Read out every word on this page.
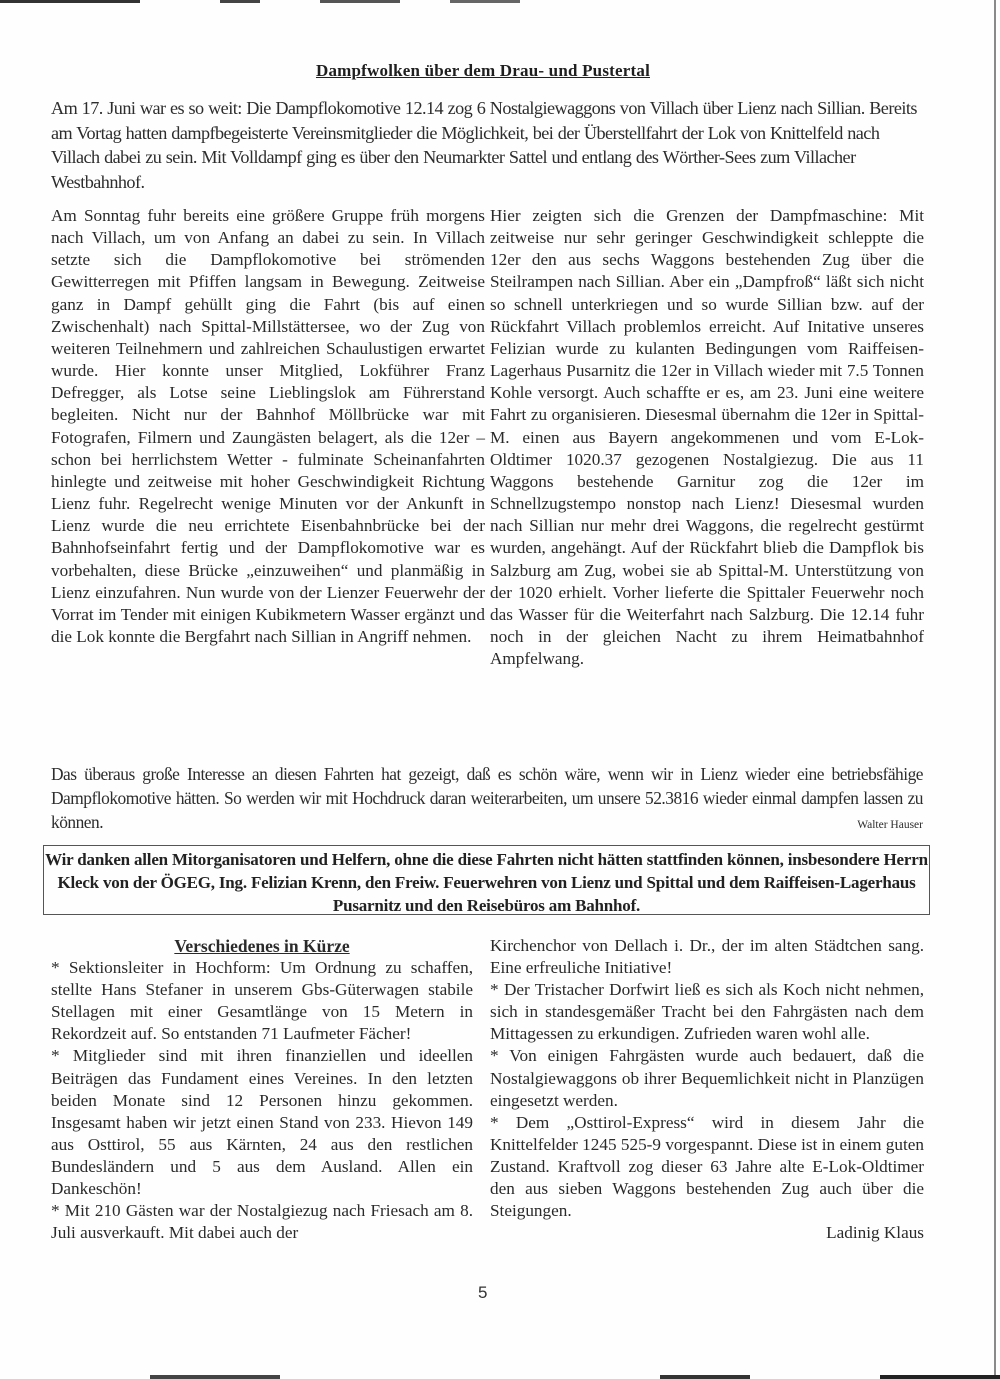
Dampfwolken über dem Drau- und Pustertal
Am 17. Juni war es so weit: Die Dampflokomotive 12.14 zog 6 Nostalgiewaggons von Villach über Lienz nach Sillian. Bereits am Vortag hatten dampfbegeisterte Vereinsmitglieder die Möglichkeit, bei der Überstellfahrt der Lok von Knittelfeld nach Villach dabei zu sein. Mit Volldampf ging es über den Neumarkter Sattel und entlang des Wörther-Sees zum Villacher Westbahnhof.

Am Sonntag fuhr bereits eine größere Gruppe früh morgens nach Villach, um von Anfang an dabei zu sein. In Villach setzte sich die Dampflokomotive bei strömenden Gewitterregen mit Pfiffen langsam in Bewegung. Zeitweise ganz in Dampf gehüllt ging die Fahrt (bis auf einen Zwischenhalt) nach Spittal-Millstättersee, wo der Zug von weiteren Teilnehmern und zahlreichen Schaulustigen erwartet wurde. Hier konnte unser Mitglied, Lokführer Franz Defregger, als Lotse seine Lieblingslok am Führerstand begleiten. Nicht nur der Bahnhof Möllbrücke war mit Fotografen, Filmern und Zaungästen belagert, als die 12er – schon bei herrlichstem Wetter - fulminate Scheinanfahrten hinlegte und zeitweise mit hoher Geschwindigkeit Richtung Lienz fuhr. Regelrecht wenige Minuten vor der Ankunft in Lienz wurde die neu errichtete Eisenbahnbrücke bei der Bahnhofseinfahrt fertig und der Dampflokomotive war es vorbehalten, diese Brücke „einzuweihen“ und planmäßig in Lienz einzufahren. Nun wurde von der Lienzer Feuerwehr der Vorrat im Tender mit einigen Kubikmetern Wasser ergänzt und die Lok konnte die Bergfahrt nach Sillian in Angriff nehmen.

Hier zeigten sich die Grenzen der Dampfmaschine: Mit zeitweise nur sehr geringer Geschwindigkeit schleppte die 12er den aus sechs Waggons bestehenden Zug über die Steilrampen nach Sillian. Aber ein „Dampfroß“ läßt sich nicht so schnell unterkriegen und so wurde Sillian bzw. auf der Rückfahrt Villach problemlos erreicht. Auf Initative unseres Felizian wurde zu kulanten Bedingungen vom Raiffeisen-Lagerhaus Pusarnitz die 12er in Villach wieder mit 7.5 Tonnen Kohle versorgt. Auch schaffte er es, am 23. Juni eine weitere Fahrt zu organisieren. Diesesmal übernahm die 12er in Spittal-M. einen aus Bayern angekommenen und vom E-Lok-Oldtimer 1020.37 gezogenen Nostalgiezug. Die aus 11 Waggons bestehende Garnitur zog die 12er im Schnellzugstempo nonstop nach Lienz! Diesesmal wurden nach Sillian nur mehr drei Waggons, die regelrecht gestürmt wurden, angehängt. Auf der Rückfahrt blieb die Dampflok bis Salzburg am Zug, wobei sie ab Spittal-M. Unterstützung von der 1020 erhielt. Vorher lieferte die Spittaler Feuerwehr noch das Wasser für die Weiterfahrt nach Salzburg. Die 12.14 fuhr noch in der gleichen Nacht zu ihrem Heimatbahnhof Ampfelwang.

Das überaus große Interesse an diesen Fahrten hat gezeigt, daß es schön wäre, wenn wir in Lienz wieder eine betriebsfähige Dampflokomotive hätten. So werden wir mit Hochdruck daran weiterarbeiten, um unsere 52.3816 wieder einmal dampfen lassen zu können.	Walter Hauser
Wir danken allen Mitorganisatoren und Helfern, ohne die diese Fahrten nicht hätten stattfinden können, insbesondere Herrn Kleck von der ÖGEG, Ing. Felizian Krenn, den Freiw. Feuerwehren von Lienz und Spittal und dem Raiffeisen-Lagerhaus Pusarnitz und den Reisebüros am Bahnhof.
Verschiedenes in Kürze

* Sektionsleiter in Hochform: Um Ordnung zu schaffen, stellte Hans Stefaner in unserem Gbs-Güterwagen stabile Stellagen mit einer Gesamtlänge von 15 Metern in Rekordzeit auf. So entstanden 71 Laufmeter Fächer!

* Mitglieder sind mit ihren finanziellen und ideellen Beiträgen das Fundament eines Vereines. In den letzten beiden Monate sind 12 Personen hinzu gekommen. Insgesamt haben wir jetzt einen Stand von 233. Hievon 149 aus Osttirol, 55 aus Kärnten, 24 aus den restlichen Bundesländern und 5 aus dem Ausland. Allen ein Dankeschön!

* Mit 210 Gästen war der Nostalgiezug nach Friesach am 8. Juli ausverkauft. Mit dabei auch der

Kirchenchor von Dellach i. Dr., der im alten Städtchen sang. Eine erfreuliche Initiative!

* Der Tristacher Dorfwirt ließ es sich als Koch nicht nehmen, sich in standesgemäßer Tracht bei den Fahrgästen nach dem Mittagessen zu erkundigen. Zufrieden waren wohl alle.

* Von einigen Fahrgästen wurde auch bedauert, daß die Nostalgiewaggons ob ihrer Bequemlichkeit nicht in Planzügen eingesetzt werden.

* Dem „Osttirol-Express“ wird in diesem Jahr die Knittelfelder 1245 525-9 vorgespannt. Diese ist in einem guten Zustand. Kraftvoll zog dieser 63 Jahre alte E-Lok-Oldtimer den aus sieben Waggons bestehenden Zug auch über die Steigungen.

Ladinig Klaus

5
